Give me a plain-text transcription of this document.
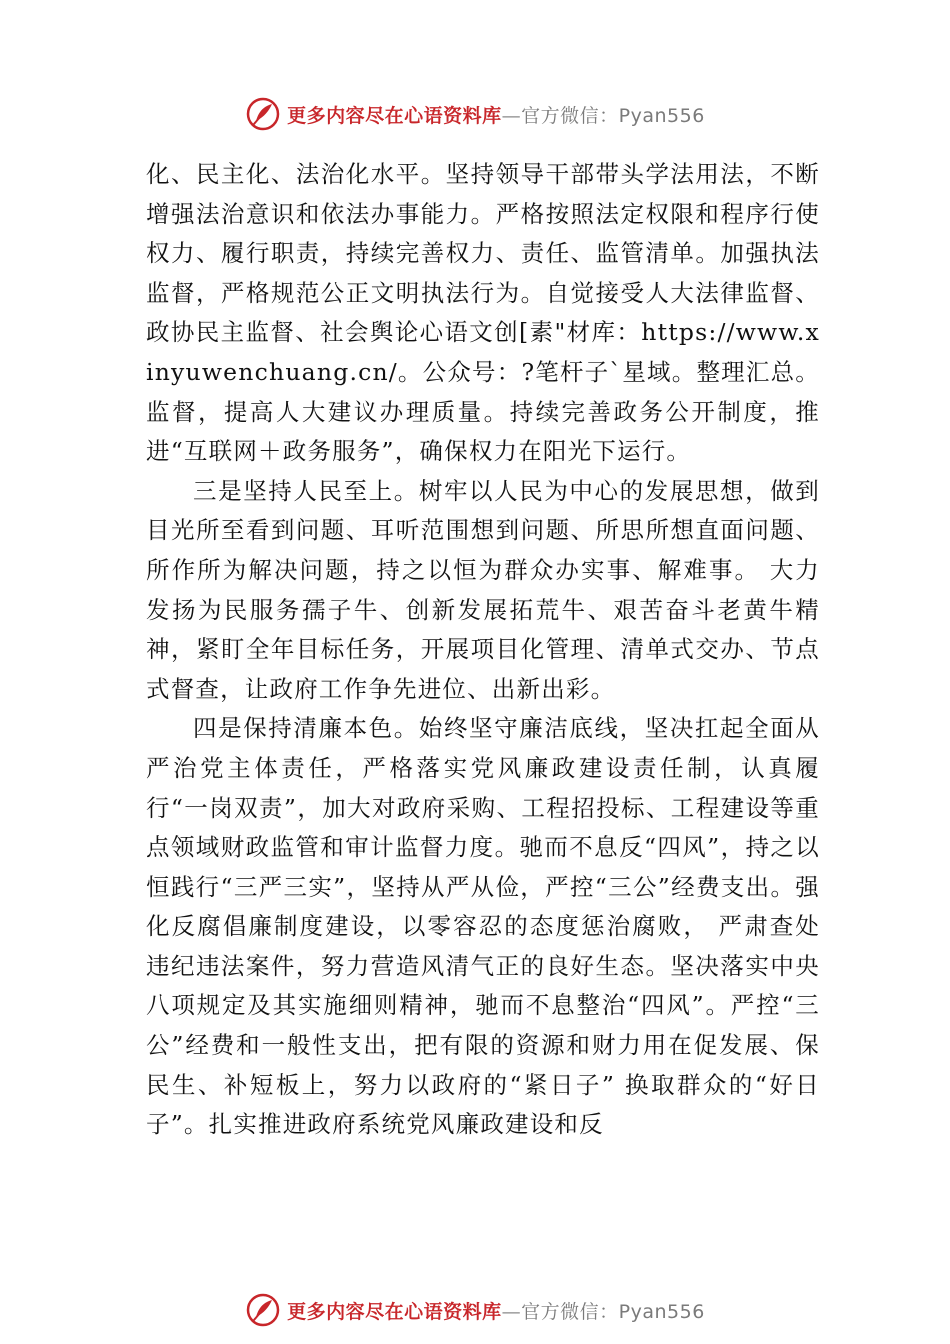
更多内容尽在心语资料库 — 官方微信：Pyan556

化、民主化、法治化水平。坚持领导干部带头学法用法，不断增强法治意识和依法办事能力。严格按照法定权限和程序行使权力、履行职责，持续完善权力、责任、监管清单。加强执法监督，严格规范公正文明执法行为。自觉接受人大法律监督、政协民主监督、社会舆论心语文创[素"材库：https://www.xinyuwenchuang.cn/。公众号：?笔杆子`星域。整理汇总。监督，提高人大建议办理质量。持续完善政务公开制度，推进“互联网＋政务服务”，确保权力在阳光下运行。

三是坚持人民至上。树牢以人民为中心的发展思想，做到目光所至看到问题、耳听范围想到问题、所思所想直面问题、所作所为解决问题，持之以恒为群众办实事、解难事。 大力发扬为民服务孺子牛、创新发展拓荒牛、艰苦奋斗老黄牛精神，紧盯全年目标任务，开展项目化管理、清单式交办、节点式督查，让政府工作争先进位、出新出彩。

四是保持清廉本色。始终坚守廉洁底线，坚决扛起全面从严治党主体责任，严格落实党风廉政建设责任制，认真履行“一岗双责”，加大对政府采购、工程招投标、工程建设等重点领域财政监管和审计监督力度。驰而不息反“四风”，持之以恒践行“三严三实”，坚持从严从俭，严控“三公”经费支出。强化反腐倡廉制度建设，以零容忍的态度惩治腐败， 严肃查处违纪违法案件，努力营造风清气正的良好生态。坚决落实中央八项规定及其实施细则精神，驰而不息整治“四风”。严控“三公”经费和一般性支出，把有限的资源和财力用在促发展、保民生、补短板上，努力以政府的“紧日子” 换取群众的“好日子”。扎实推进政府系统党风廉政建设和反

更多内容尽在心语资料库 — 官方微信：Pyan556
